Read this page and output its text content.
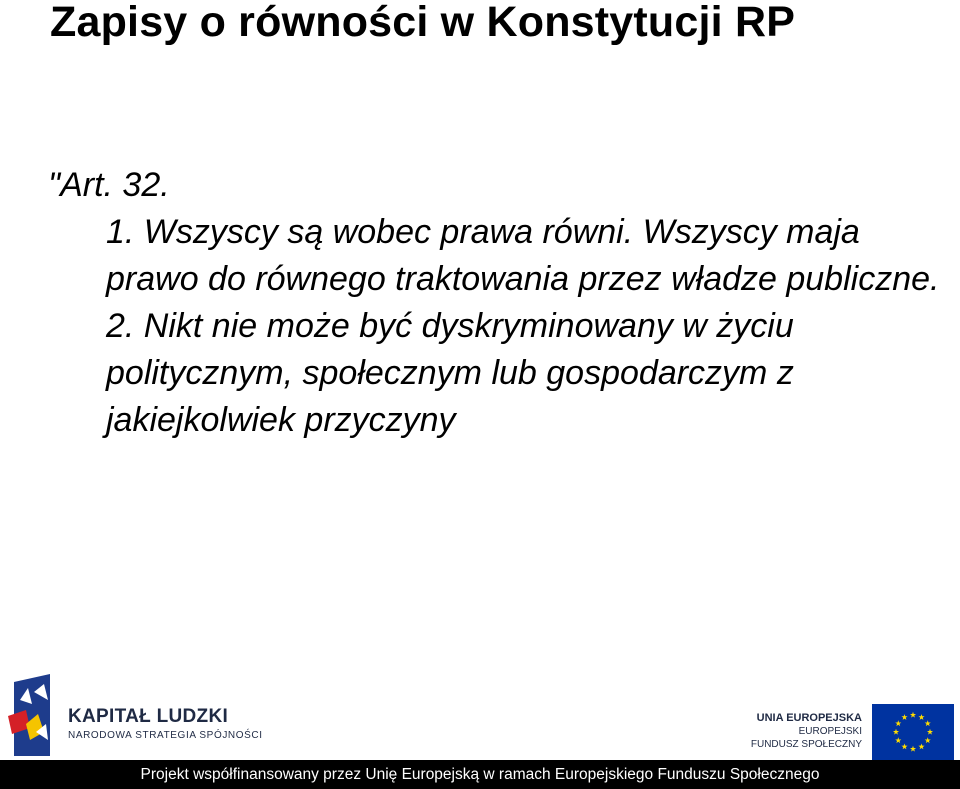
Zapisy o równości w Konstytucji RP
"Art. 32.
1. Wszyscy są wobec prawa równi. Wszyscy maja prawo do równego traktowania przez władze publiczne.
2. Nikt nie może być dyskryminowany w życiu politycznym, społecznym lub gospodarczym z jakiejkolwiek przyczyny
KAPITAŁ LUDZKI
NARODOWA STRATEGIA SPÓJNOŚCI
UNIA EUROPEJSKA
EUROPEJSKI
FUNDUSZ SPOŁECZNY
Projekt współfinansowany przez Unię Europejską w ramach Europejskiego Funduszu Społecznego
